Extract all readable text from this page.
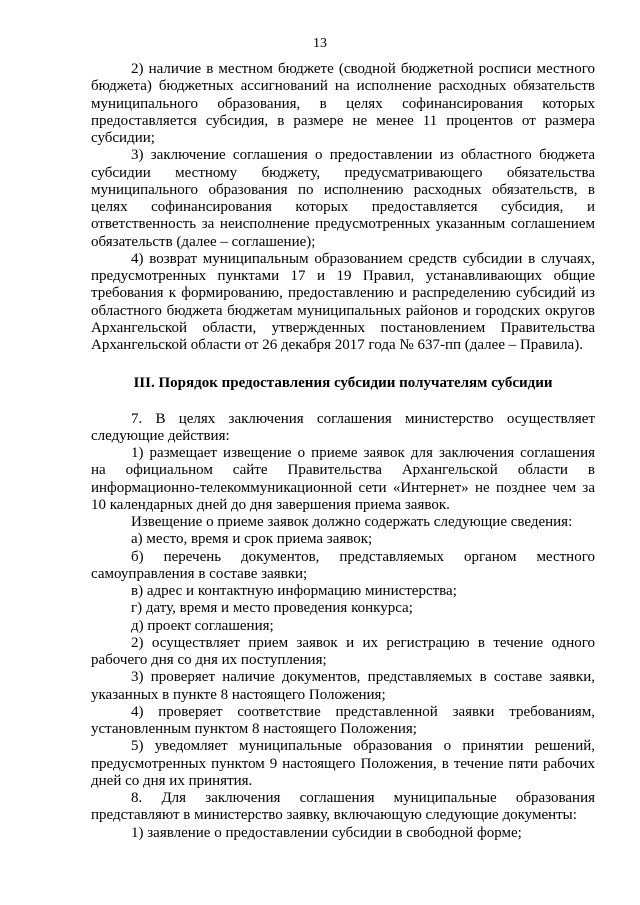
13

2) наличие в местном бюджете (сводной бюджетной росписи местного бюджета) бюджетных ассигнований на исполнение расходных обязательств муниципального образования, в целях софинансирования которых предоставляется субсидия, в размере не менее 11 процентов от размера субсидии;

3) заключение соглашения о предоставлении из областного бюджета субсидии местному бюджету, предусматривающего обязательства муниципального образования по исполнению расходных обязательств, в целях софинансирования которых предоставляется субсидия, и ответственность за неисполнение предусмотренных указанным соглашением обязательств (далее – соглашение);

4) возврат муниципальным образованием средств субсидии в случаях, предусмотренных пунктами 17 и 19 Правил, устанавливающих общие требования к формированию, предоставлению и распределению субсидий из областного бюджета бюджетам муниципальных районов и городских округов Архангельской области, утвержденных постановлением Правительства Архангельской области от 26 декабря 2017 года № 637-пп (далее – Правила).

III. Порядок предоставления субсидии получателям субсидии

7. В целях заключения соглашения министерство осуществляет следующие действия:

1) размещает извещение о приеме заявок для заключения соглашения на официальном сайте Правительства Архангельской области в информационно-телекоммуникационной сети «Интернет» не позднее чем за 10 календарных дней до дня завершения приема заявок.

Извещение о приеме заявок должно содержать следующие сведения:

а) место, время и срок приема заявок;

б) перечень документов, представляемых органом местного самоуправления в составе заявки;

в) адрес и контактную информацию министерства;

г) дату, время и место проведения конкурса;

д) проект соглашения;

2) осуществляет прием заявок и их регистрацию в течение одного рабочего дня со дня их поступления;

3) проверяет наличие документов, представляемых в составе заявки, указанных в пункте 8 настоящего Положения;

4) проверяет соответствие представленной заявки требованиям, установленным пунктом 8 настоящего Положения;

5) уведомляет муниципальные образования о принятии решений, предусмотренных пунктом 9 настоящего Положения, в течение пяти рабочих дней со дня их принятия.

8. Для заключения соглашения муниципальные образования представляют в министерство заявку, включающую следующие документы:

1) заявление о предоставлении субсидии в свободной форме;
